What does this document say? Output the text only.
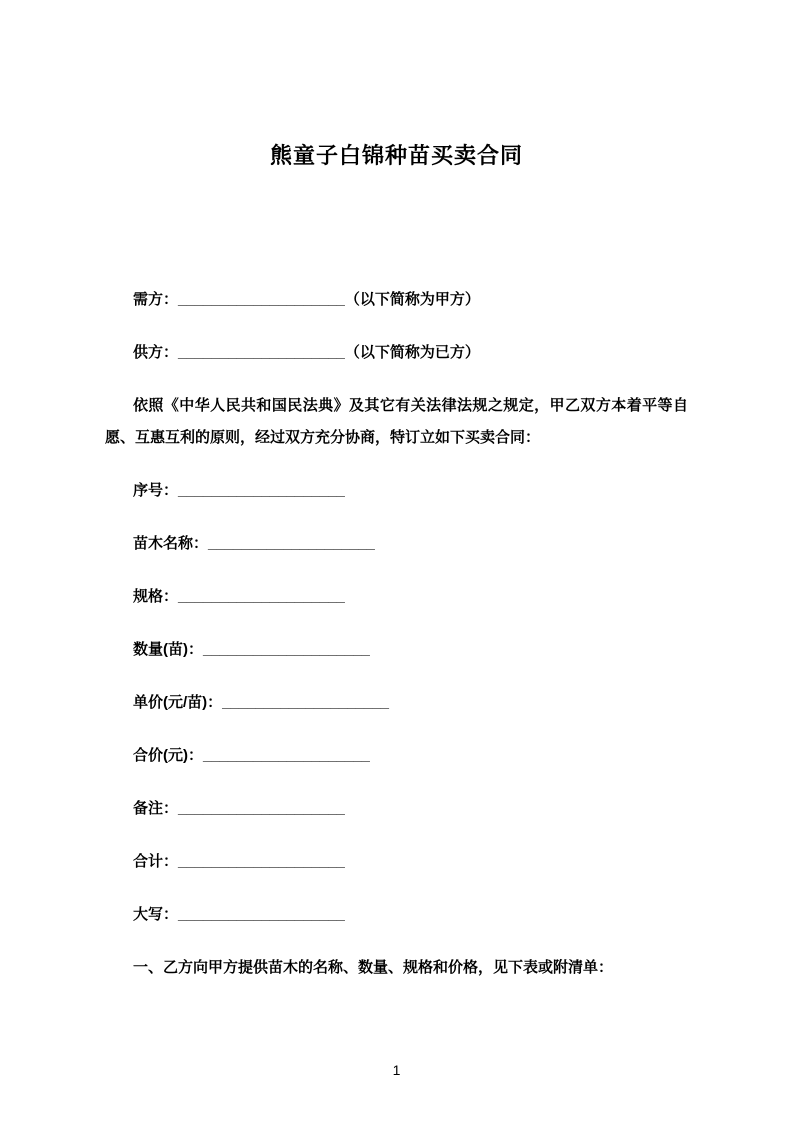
熊童子白锦种苗买卖合同

需方：____________________（以下简称为甲方）

供方：____________________（以下简称为已方）

依照《中华人民共和国民法典》及其它有关法律法规之规定，甲乙双方本着平等自愿、互惠互利的原则，经过双方充分协商，特订立如下买卖合同：

序号：____________________

苗木名称：____________________

规格：____________________

数量(苗)：____________________

单价(元/苗)：____________________

合价(元)：____________________

备注：____________________

合计：____________________

大写：____________________

一、乙方向甲方提供苗木的名称、数量、规格和价格，见下表或附清单：

1
